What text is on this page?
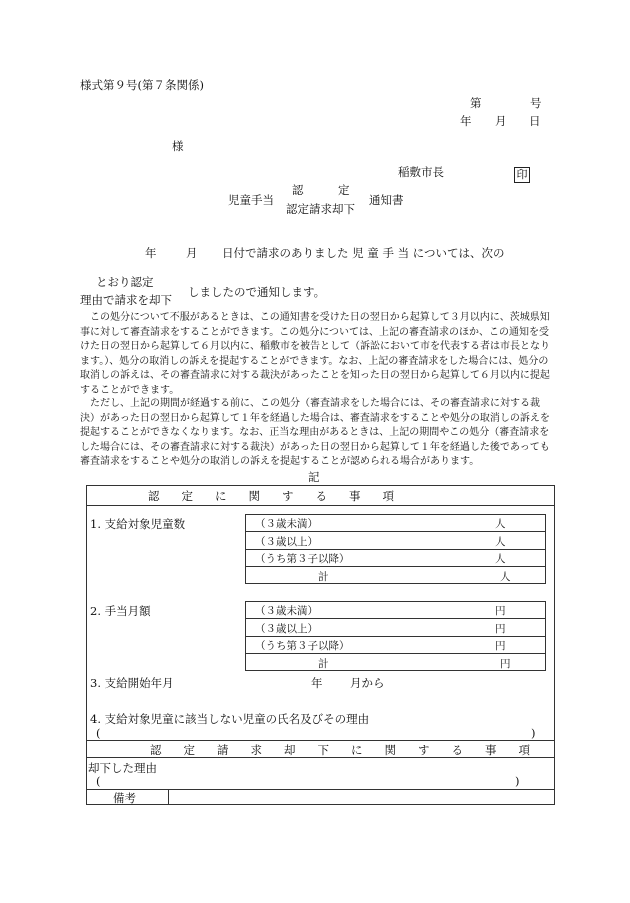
様式第９号(第７条関係)
第	号
年 月 日
様
稲敷市長	印
児童手当
認　　　定
認定請求却下
通知書
年	月 日付で請求のありました 児 童 手 当 については、次の
とおり認定
理由で請求を却下
しましたので通知します。
　この処分について不服があるときは、この通知書を受けた日の翌日から起算して３月以内に、茨城県知事に対して審査請求をすることができます。この処分については、上記の審査請求のほか、この通知を受けた日の翌日から起算して６月以内に、稲敷市を被告として（訴訟において市を代表する者は市長となります。）、処分の取消しの訴えを提起することができます。なお、上記の審査請求をした場合には、処分の取消しの訴えは、その審査請求に対する裁決があったことを知った日の翌日から起算して６月以内に提起することができます。
　ただし、上記の期間が経過する前に、この処分（審査請求をした場合には、その審査請求に対する裁決）があった日の翌日から起算して１年を経過した場合は、審査請求をすることや処分の取消しの訴えを提起することができなくなります。なお、正当な理由があるときは、上記の期間やこの処分（審査請求をした場合には、その審査請求に対する裁決）があった日の翌日から起算して１年を経過した後であっても審査請求をすることや処分の取消しの訴えを提起することが認められる場合があります。
記
認定に関する事項
1. 支給対象児童数	（３歳未満）	人
（３歳以上）	人
（うち第３子以降）	人
計	人
2. 手当月額	（３歳未満）	円
（３歳以上）	円
（うち第３子以降）	円
計	円
3. 支給開始年月	年 月から
4. 支給対象児童に該当しない児童の氏名及びその理由
(	)
認定請求却下に関する事項
却下した理由
(	)
備考
